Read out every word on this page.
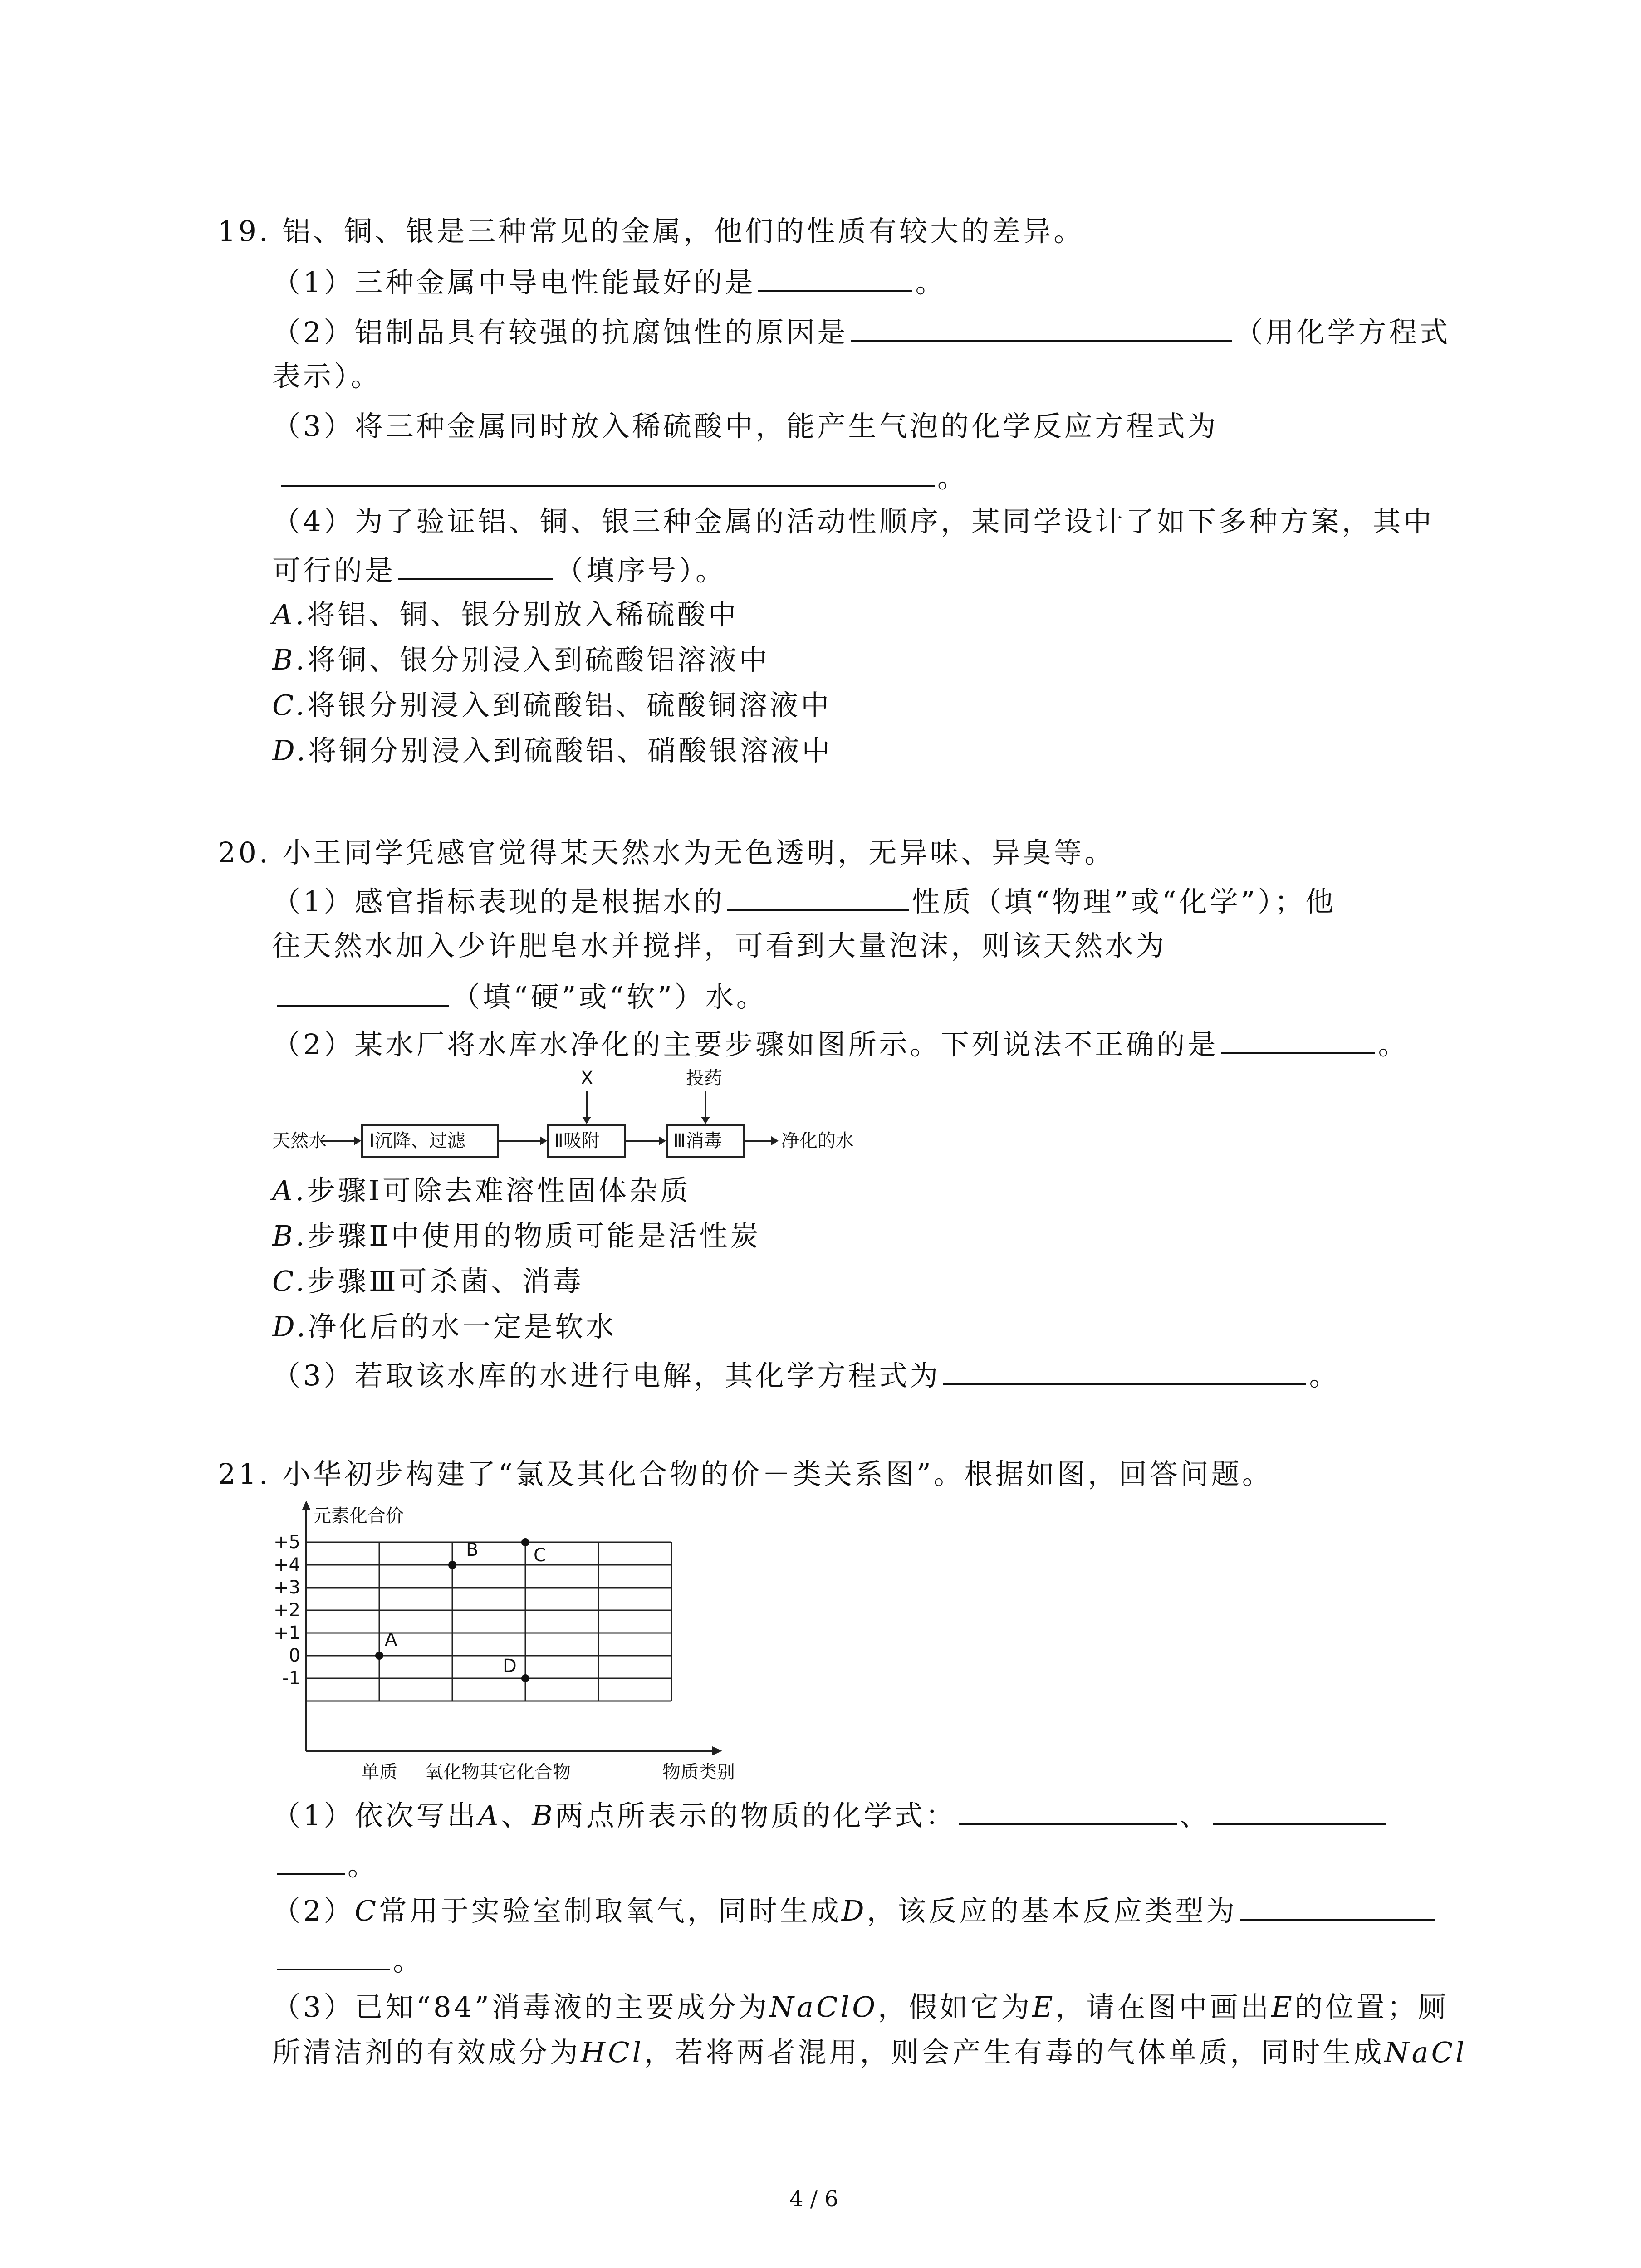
19. 铝、铜、银是三种常见的金属，他们的性质有较大的差异。
（1）三种金属中导电性能最好的是	。
（2）铝制品具有较强的抗腐蚀性的原因是	（用化学方程式
表示）。
（3）将三种金属同时放入稀硫酸中，能产生气泡的化学反应方程式为
。
（4）为了验证铝、铜、银三种金属的活动性顺序，某同学设计了如下多种方案，其中
可行的是	（填序号）。
A.将铝、铜、银分别放入稀硫酸中
B.将铜、银分别浸入到硫酸铝溶液中
C.将银分别浸入到硫酸铝、硫酸铜溶液中
D.将铜分别浸入到硫酸铝、硝酸银溶液中
20. 小王同学凭感官觉得某天然水为无色透明，无异味、异臭等。
（1）感官指标表现的是根据水的	性质（填“物理”或“化学”）；他
往天然水加入少许肥皂水并搅拌，可看到大量泡沫，则该天然水为
（填“硬”或“软”）水。
（2）某水厂将水库水净化的主要步骤如图所示。下列说法不正确的是	。
天然水 Ⅰ沉降、过滤	Ⅱ吸附	Ⅲ消毒	净化的水
X	投药
A.步骤Ⅰ可除去难溶性固体杂质
B.步骤Ⅱ中使用的物质可能是活性炭
C.步骤Ⅲ可杀菌、消毒
D.净化后的水一定是软水
（3）若取该水库的水进行电解，其化学方程式为	。
21. 小华初步构建了“氯及其化合物的价－类关系图”。根据如图，回答问题。
元素化合价
物质类别
+5
+4
+3
+2
+1
0
-1
单质 氧化物 其它化合物
A
B	C
D
（1）依次写出A、B两点所表示的物质的化学式：	、
。
（2）C常用于实验室制取氧气，同时生成D，该反应的基本反应类型为
。
（3）已知“84”消毒液的主要成分为NaClO，假如它为E，请在图中画出E的位置；厕
所清洁剂的有效成分为HCl，若将两者混用，则会产生有毒的气体单质，同时生成NaCl
4 / 6
